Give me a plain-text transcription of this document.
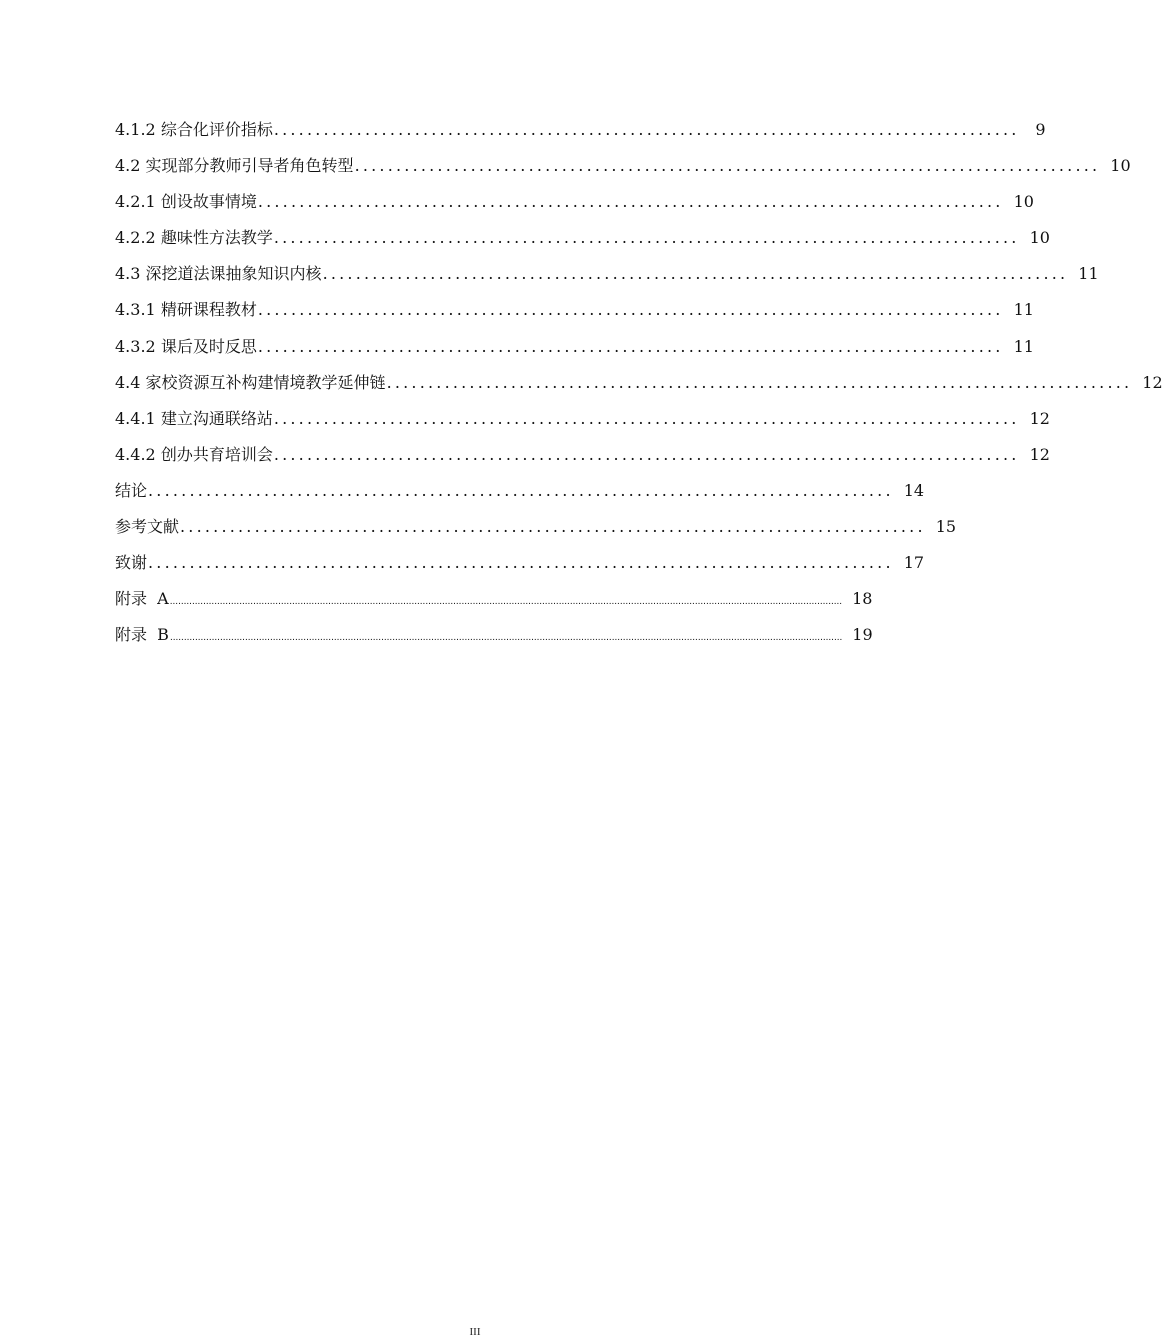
4.1.2 综合化评价指标 .......................................................................................... 9
4.2 实现部分教师引导者角色转型 .......................................................................................... 10
4.2.1 创设故事情境 .......................................................................................... 10
4.2.2 趣味性方法教学 .......................................................................................... 10
4.3 深挖道法课抽象知识内核 .......................................................................................... 11
4.3.1 精研课程教材 .......................................................................................... 11
4.3.2 课后及时反思 .......................................................................................... 11
4.4 家校资源互补构建情境教学延伸链 .......................................................................................... 12
4.4.1 建立沟通联络站 .......................................................................................... 12
4.4.2 创办共育培训会 .......................................................................................... 12
结论 .......................................................................................... 14
参考文献 .......................................................................................... 15
致谢 .......................................................................................... 17
附录  A .................................................................................................................................................................................................................................................. 18
附录  B .................................................................................................................................................................................................................................................. 19
III
